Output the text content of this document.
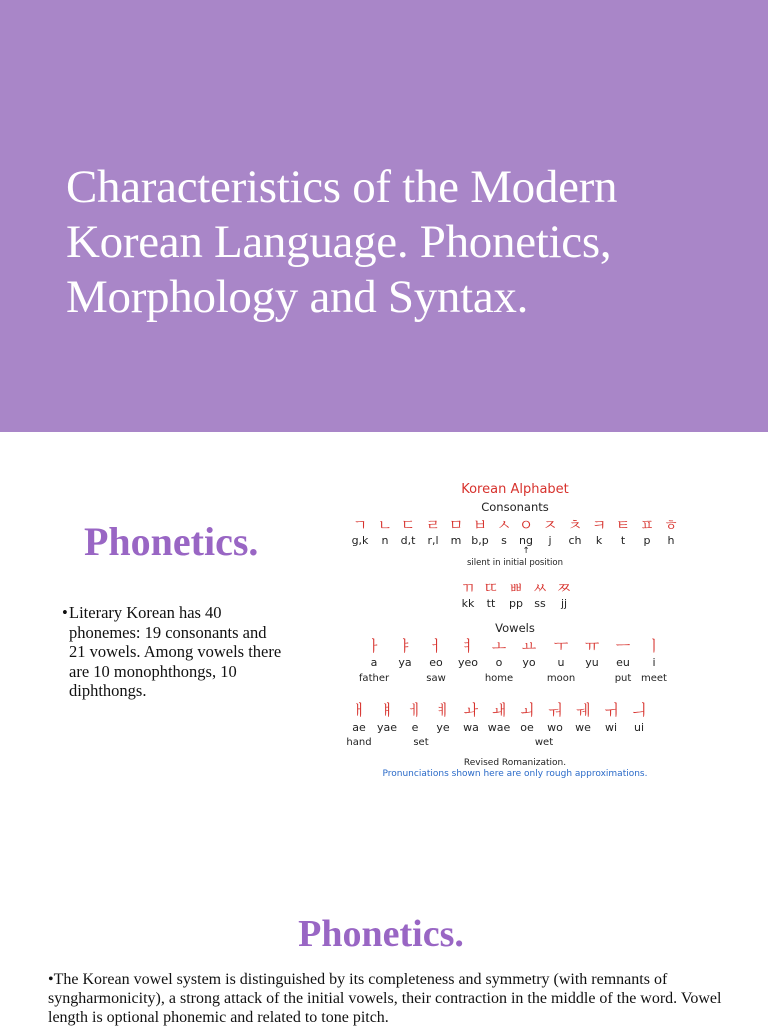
Characteristics of the Modern Korean Language. Phonetics, Morphology and Syntax.
Phonetics.
• Literary Korean has 40 phonemes: 19 consonants and 21 vowels. Among vowels there are 10 monophthongs, 10 diphthongs.
Korean Alphabet
Consonants
ㄱ ㄴ ㄷ ㄹ ㅁ ㅂ ㅅ ㅇ ㅈ ㅊ ㅋ ㅌ ㅍ ㅎ
g,k n d,t r,l m b,p s ng j ch k t p h
↑
silent in initial position
ㄲ ㄸ ㅃ ㅆ ㅉ
kk tt pp ss jj
Vowels
ㅏ ㅑ ㅓ ㅕ ㅗ ㅛ ㅜ ㅠ ㅡ ㅣ
a ya eo yeo o yo u yu eu i
father	saw	home	moon	put meet
ㅐ ㅒ ㅔ ㅖ ㅘ ㅙ ㅚ ㅝ ㅞ ㅟ ㅢ
ae yae e ye wa wae oe wo we wi ui
hand	set	wet
Revised Romanization.
Pronunciations shown here are only rough approximations.
Phonetics.
•The Korean vowel system is distinguished by its completeness and symmetry (with remnants of syngharmonicity), a strong attack of the initial vowels, their contraction in the middle of the word. Vowel length is optional phonemic and related to tone pitch.
